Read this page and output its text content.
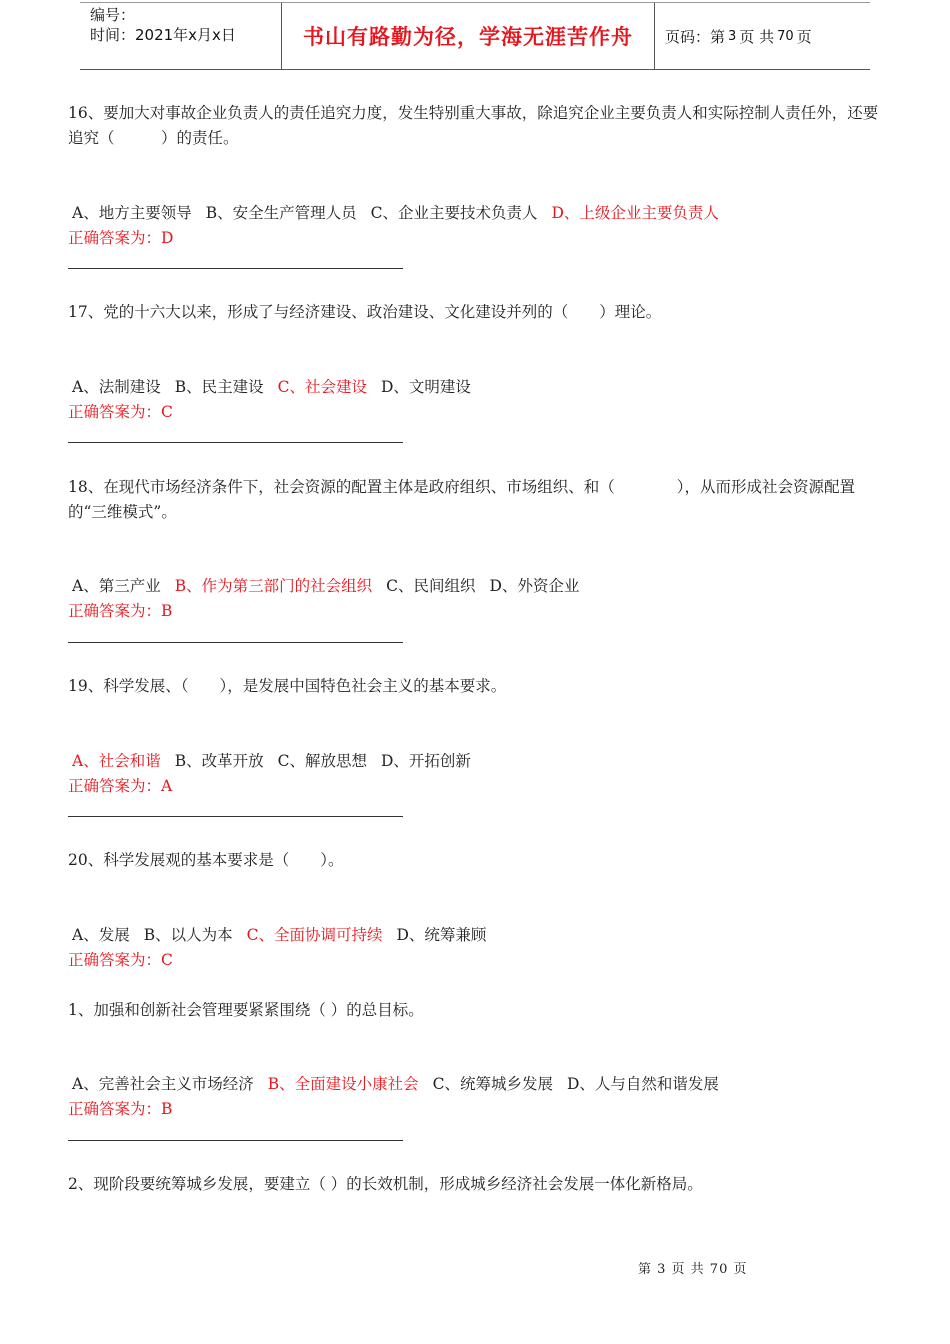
编号：
时间：2021年x月x日	书山有路勤为径，学海无涯苦作舟	页码：第 3 页 共 70 页
16、要加大对事故企业负责人的责任追究力度，发生特别重大事故，除追究企业主要负责人和实际控制人责任外，还要追究（　　　）的责任。
A、地方主要领导 B、安全生产管理人员 C、企业主要技术负责人 D、上级企业主要负责人
正确答案为：D
17、党的十六大以来，形成了与经济建设、政治建设、文化建设并列的（　　）理论。
A、法制建设 B、民主建设 C、社会建设 D、文明建设
正确答案为：C
18、在现代市场经济条件下，社会资源的配置主体是政府组织、市场组织、和（　　　　），从而形成社会资源配置的“三维模式”。
A、第三产业 B、作为第三部门的社会组织 C、民间组织 D、外资企业
正确答案为：B
19、科学发展、（　　），是发展中国特色社会主义的基本要求。
A、社会和谐 B、改革开放 C、解放思想 D、开拓创新
正确答案为：A
20、科学发展观的基本要求是（　　）。
A、发展 B、以人为本 C、全面协调可持续 D、统筹兼顾
正确答案为：C
1、加强和创新社会管理要紧紧围绕（ ）的总目标。
A、完善社会主义市场经济 B、全面建设小康社会 C、统筹城乡发展 D、人与自然和谐发展
正确答案为：B
2、现阶段要统筹城乡发展，要建立（ ）的长效机制，形成城乡经济社会发展一体化新格局。
第 3 页 共 70 页
